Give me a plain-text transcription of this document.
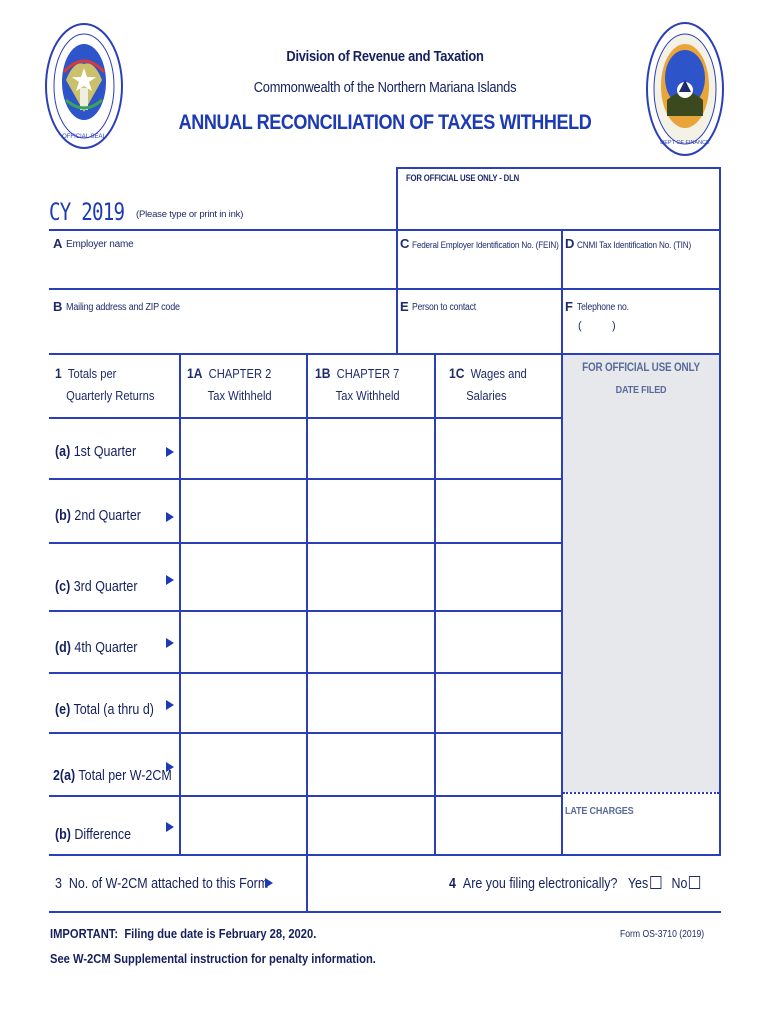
OFFICIAL SEAL
DEPT OF FINANCE
Division of Revenue and Taxation
Commonwealth of the Northern Mariana Islands
ANNUAL RECONCILIATION OF TAXES WITHHELD
FOR OFFICIAL USE ONLY - DLN
CY 2019 (Please type or print in ink)
A Employer name	C Federal Employer Identification No. (FEIN) D CNMI Tax Identification No. (TIN)
B Mailing address and ZIP code	E Person to contact	F Telephone no.
(	)
FOR OFFICIAL USE ONLY
DATE FILED
LATE CHARGES
1 Totals per
Quarterly Returns
1A CHAPTER 2
Tax Withheld
1B CHAPTER 7
Tax Withheld
1C Wages and
Salaries
(a) 1st Quarter
(b) 2nd Quarter
(c) 3rd Quarter
(d) 4th Quarter
(e) Total (a thru d)
2(a) Total per W-2CM
(b) Difference
3  No. of W-2CM attached to this Form	4 Are you filing electronically? Yes No
IMPORTANT:  Filing due date is February 28, 2020.
See W-2CM Supplemental instruction for penalty information.
Form OS-3710 (2019)
